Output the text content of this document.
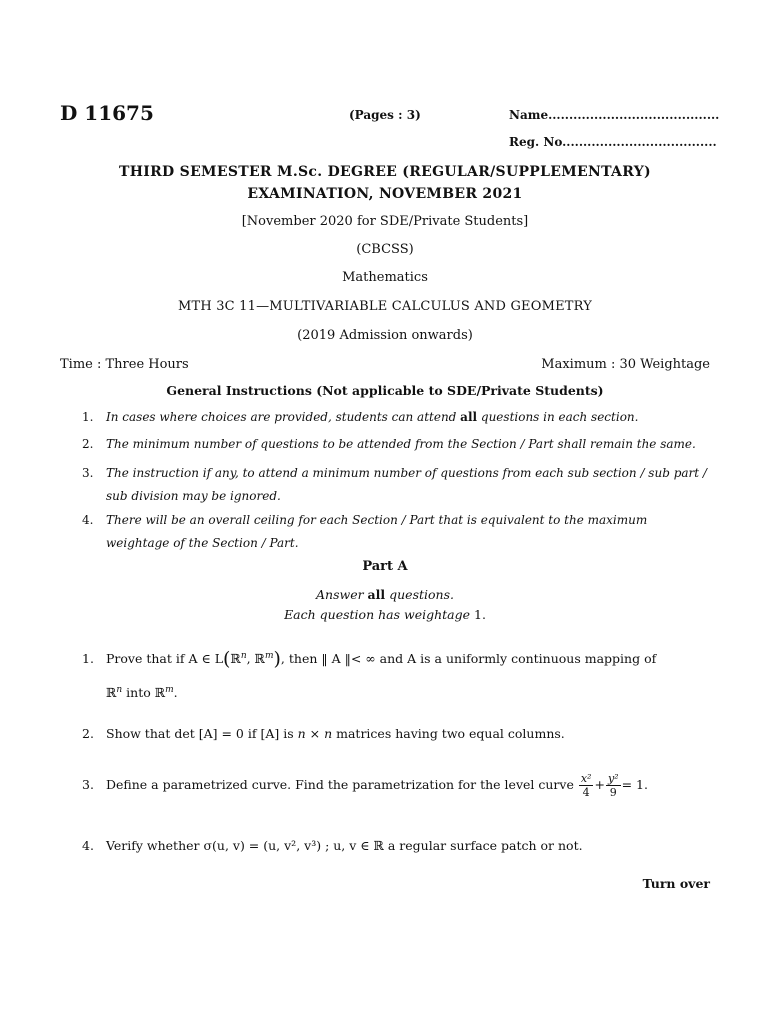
D 11675	(Pages : 3)	Name.........................................
Reg. No.....................................
THIRD SEMESTER M.Sc. DEGREE (REGULAR/SUPPLEMENTARY)
EXAMINATION, NOVEMBER 2021
[November 2020 for SDE/Private Students]
(CBCSS)
Mathematics
MTH 3C 11—MULTIVARIABLE CALCULUS AND GEOMETRY
(2019 Admission onwards)
Time : Three Hours	Maximum : 30 Weightage
General Instructions (Not applicable to SDE/Private Students)
1.	In cases where choices are provided, students can attend all questions in each section.
2.	The minimum number of questions to be attended from the Section / Part shall remain the same.
3.	The instruction if any, to attend a minimum number of questions from each sub section / sub part / sub division may be ignored.
4.	There will be an overall ceiling for each Section / Part that is equivalent to the maximum weightage of the Section / Part.
Part A
Answer all questions.
Each question has weightage 1.
1. Prove that if A ∈ L(ℝ$^n$, ℝ$^m$), then ‖ A ‖< ∞ and A is a uniformly continuous mapping of
ℝ$^n$ into ℝ$^m$.
2. Show that det [A] = 0 if [A] is n × n matrices having two equal columns.
3. Define a parametrized curve. Find the parametrization for the level curve $\frac{\text{x²}}{4} + \frac{\text{y²}}{9} = 1$.
4. Verify whether σ(u, v) = (u, v², v³) ; u, v ∈ ℝ a regular surface patch or not.
Turn over
